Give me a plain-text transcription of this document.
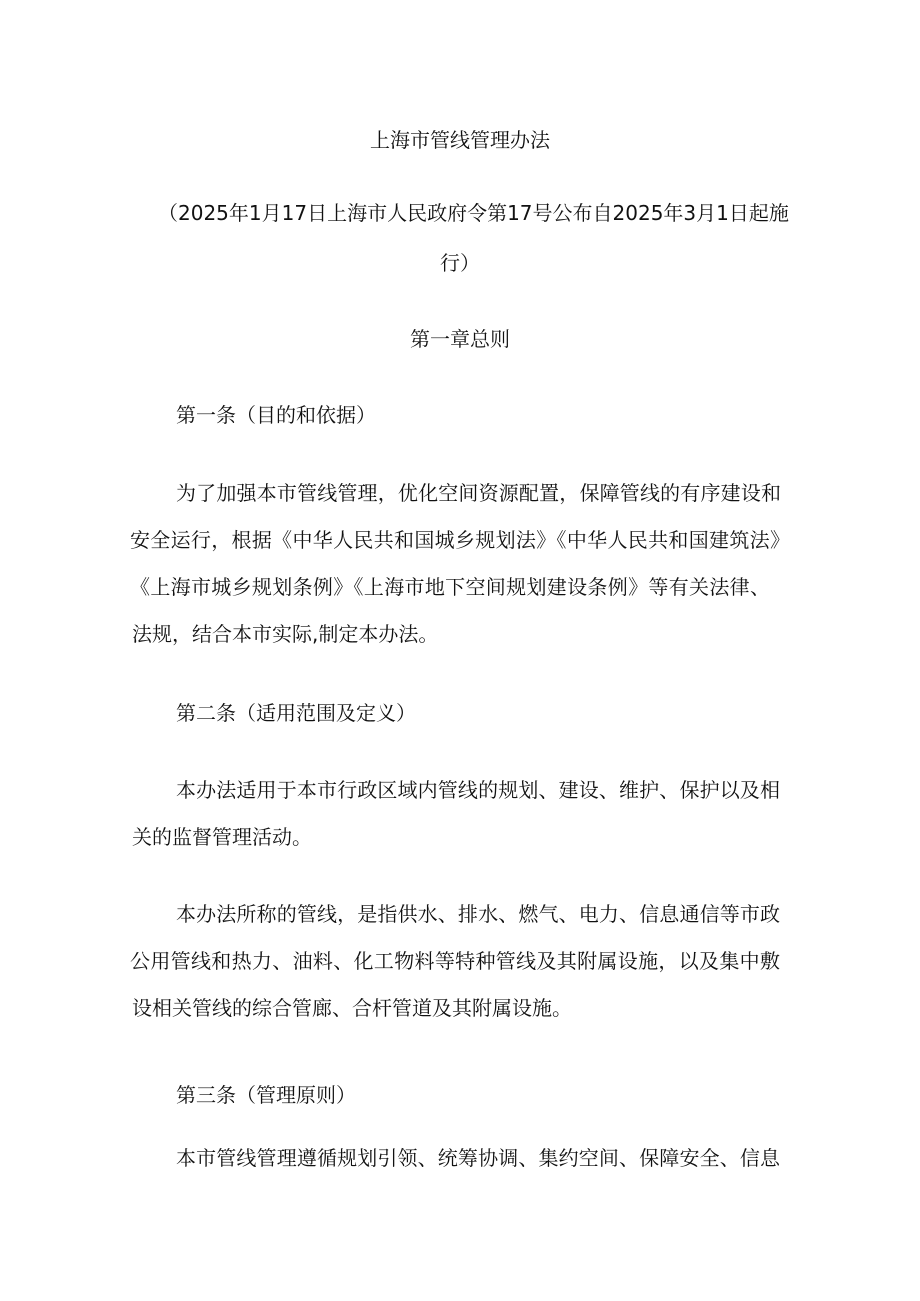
上海市管线管理办法

（2025年1月17日上海市人民政府令第17号公布自2025年3月1日起施

行）

第一章总则

第一条（目的和依据）

为了加强本市管线管理，优化空间资源配置，保障管线的有序建设和

安全运行，根据《中华人民共和国城乡规划法》《中华人民共和国建筑法》

《上海市城乡规划条例》《上海市地下空间规划建设条例》等有关法律、

法规，结合本市实际,制定本办法。

第二条（适用范围及定义）

本办法适用于本市行政区域内管线的规划、建设、维护、保护以及相

关的监督管理活动。

本办法所称的管线，是指供水、排水、燃气、电力、信息通信等市政

公用管线和热力、油料、化工物料等特种管线及其附属设施，以及集中敷

设相关管线的综合管廊、合杆管道及其附属设施。

第三条（管理原则）

本市管线管理遵循规划引领、统筹协调、集约空间、保障安全、信息
